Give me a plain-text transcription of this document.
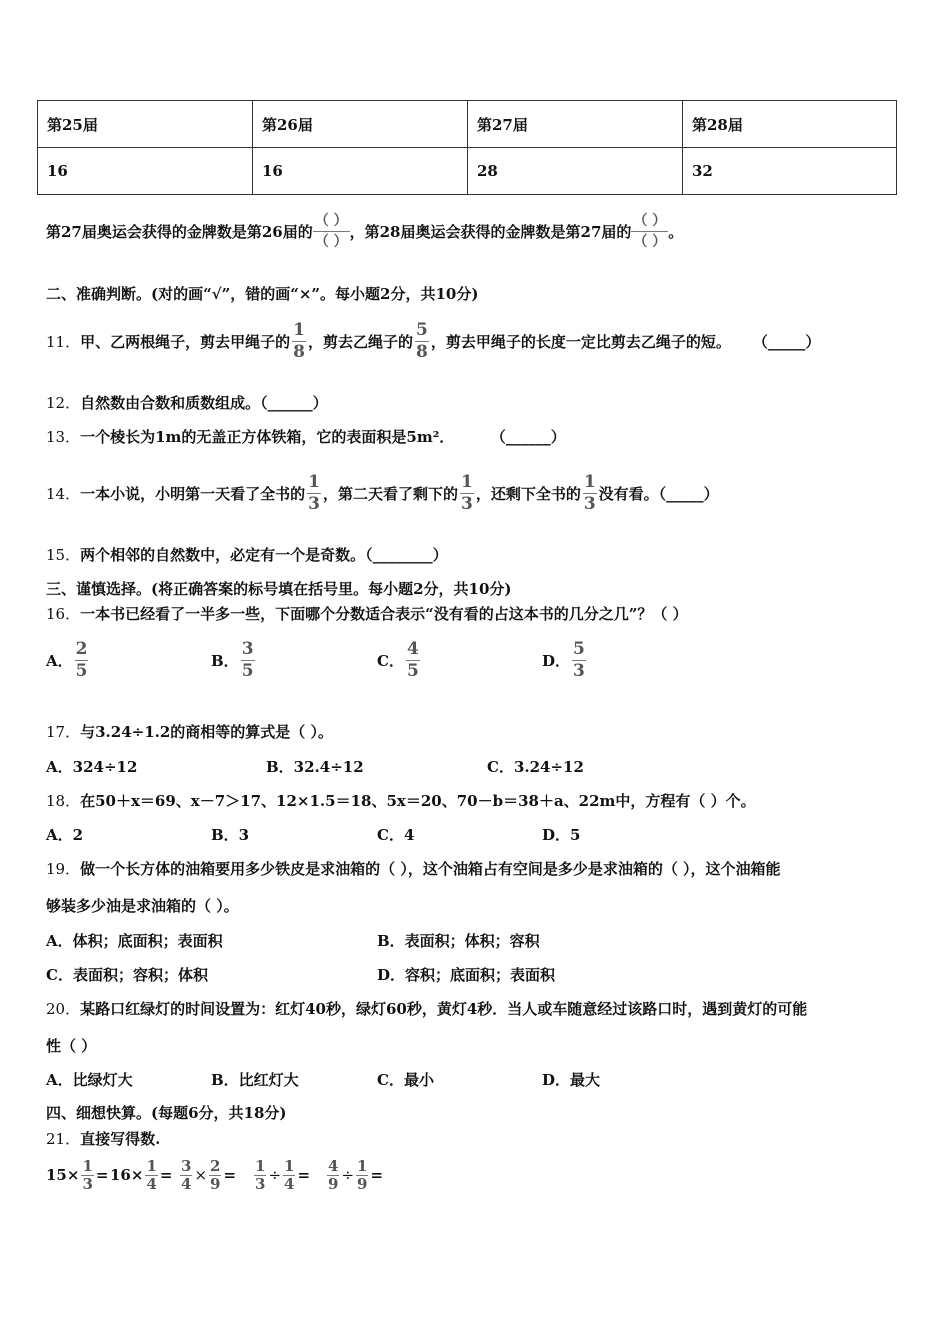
第25届	第26届	第27届	第28届
16	16	28	32
第27届奥运会获得的金牌数是第26届的
（ ）
（ ）
，第28届奥运会获得的金牌数是第27届的
（ ）
（ ）
。
二、准确判断。(对的画“√”，错的画“×”。每小题2分，共10分)
11． 甲、乙两根绳子，剪去甲绳子的 $\frac{1}{8}$ ，剪去乙绳子的 $\frac{5}{8}$ ，剪去甲绳子的长度一定比剪去乙绳子的短。 （_____）
12．自然数由合数和质数组成。（______）
13．一个棱长为1m的无盖正方体铁箱，它的表面积是5m²．	（______）
14． 一本小说，小明第一天看了全书的 $\frac{1}{3}$ ，第二天看了剩下的 $\frac{1}{3}$ ，还剩下全书的 $\frac{1}{3}$ 没有看。（_____）
15．两个相邻的自然数中，必定有一个是奇数。（________）
三、谨慎选择。(将正确答案的标号填在括号里。每小题2分，共10分)
16．一本书已经看了一半多一些，下面哪个分数适合表示“没有看的占这本书的几分之几”？（ ）
A． $\frac{2}{5}$	B． $\frac{3}{5}$	C． $\frac{4}{5}$	D． $\frac{5}{3}$
17．与3.24÷1.2的商相等的算式是（ ）。
A．324÷12	B．32.4÷12	C．3.24÷12
18．在50＋x＝69、x－7＞17、12×1.5＝18、5x＝20、70－b＝38＋a、22m中，方程有（ ）个。
A．2	B．3	C．4	D．5
19．做一个长方体的油箱要用多少铁皮是求油箱的（ ），这个油箱占有空间是多少是求油箱的（ ），这个油箱能
够装多少油是求油箱的（ ）。
A．体积；底面积；表面积	B．表面积；体积；容积
C．表面积；容积；体积	D．容积；底面积；表面积
20．某路口红绿灯的时间设置为：红灯40秒，绿灯60秒，黄灯4秒．当人或车随意经过该路口时，遇到黄灯的可能
性（ ）
A．比绿灯大	B．比红灯大	C．最小	D．最大
四、细想快算。(每题6分，共18分)
21．直接写得数.
$15\times \frac{1}{3} = 16\times \frac{1}{4} = \frac{3}{4} \times \frac{2}{9} = \frac{1}{3} \div \frac{1}{4} = \frac{4}{9} \div \frac{1}{9}$ =
